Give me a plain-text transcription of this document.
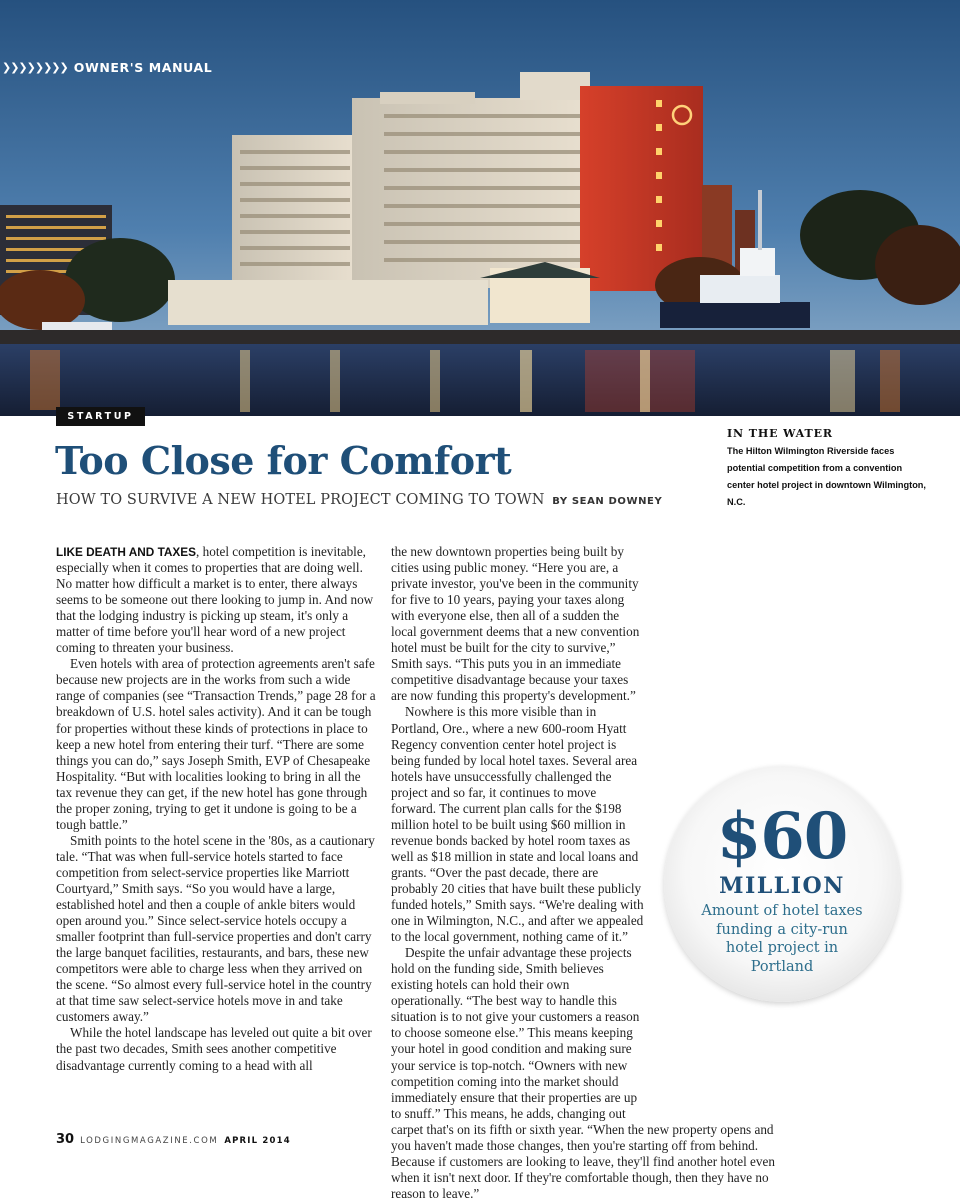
❯❯❯❯❯❯❯❯ OWNER'S MANUAL
STARTUP
Too Close for Comfort
HOW TO SURVIVE A NEW HOTEL PROJECT COMING TO TOWN BY SEAN DOWNEY
IN THE WATER
The Hilton Wilmington Riverside faces potential competition from a convention center hotel project in downtown Wilmington, N.C.

LIKE DEATH AND TAXES, hotel competition is inevitable, especially when it comes to properties that are doing well. No matter how difficult a market is to enter, there always seems to be someone out there looking to jump in. And now that the lodging industry is picking up steam, it's only a matter of time before you'll hear word of a new project coming to threaten your business.

Even hotels with area of protection agreements aren't safe because new projects are in the works from such a wide range of companies (see “Transaction Trends,” page 28 for a breakdown of U.S. hotel sales activity). And it can be tough for properties without these kinds of protections in place to keep a new hotel from entering their turf. “There are some things you can do,” says Joseph Smith, EVP of Chesapeake Hospitality. “But with localities looking to bring in all the tax revenue they can get, if the new hotel has gone through the proper zoning, trying to get it undone is going to be a tough battle.”

Smith points to the hotel scene in the '80s, as a cautionary tale. “That was when full-service hotels started to face competition from select-service properties like Marriott Courtyard,” Smith says. “So you would have a large, established hotel and then a couple of ankle biters would open around you.” Since select-service hotels occupy a smaller footprint than full-service properties and don't carry the large banquet facilities, restaurants, and bars, these new competitors were able to charge less when they arrived on the scene. “So almost every full-service hotel in the country at that time saw select-service hotels move in and take customers away.”

While the hotel landscape has leveled out quite a bit over the past two decades, Smith sees another competitive disadvantage currently coming to a head with all

the new downtown properties being built by cities using public money. “Here you are, a private investor, you've been in the community for five to 10 years, paying your taxes along with everyone else, then all of a sudden the local government deems that a new convention hotel must be built for the city to survive,” Smith says. “This puts you in an immediate competitive disadvantage because your taxes are now funding this property's development.”

Nowhere is this more visible than in Portland, Ore., where a new 600-room Hyatt Regency convention center hotel project is being funded by local hotel taxes. Several area hotels have unsuccessfully challenged the project and so far, it continues to move forward. The current plan calls for the $198 million hotel to be built using $60 million in revenue bonds backed by hotel room taxes as well as $18 million in state and local loans and grants. “Over the past decade, there are probably 20 cities that have built these publicly funded hotels,” Smith says. “We're dealing with one in Wilmington, N.C., and after we appealed to the local government, nothing came of it.”

Despite the unfair advantage these projects hold on the funding side, Smith believes existing hotels can hold their own operationally. “The best way to handle this situation is to not give your customers a reason to choose someone else.” This means keeping your hotel in good condition and making sure your service is top-notch. “Owners with new competition coming into the market should immediately ensure that their properties are up to snuff.” This means, he adds, changing out carpet that's on its fifth or sixth year. “When the new property opens and you haven't made those changes, then you're starting off from behind. Because if customers are looking to leave, they'll find another hotel even when it isn't next door. If they're comfortable though, then they have no reason to leave.”

$60
MILLION
Amount of hotel taxes funding a city-run hotel project in Portland
30 LODGINGMAGAZINE.COM APRIL 2014
